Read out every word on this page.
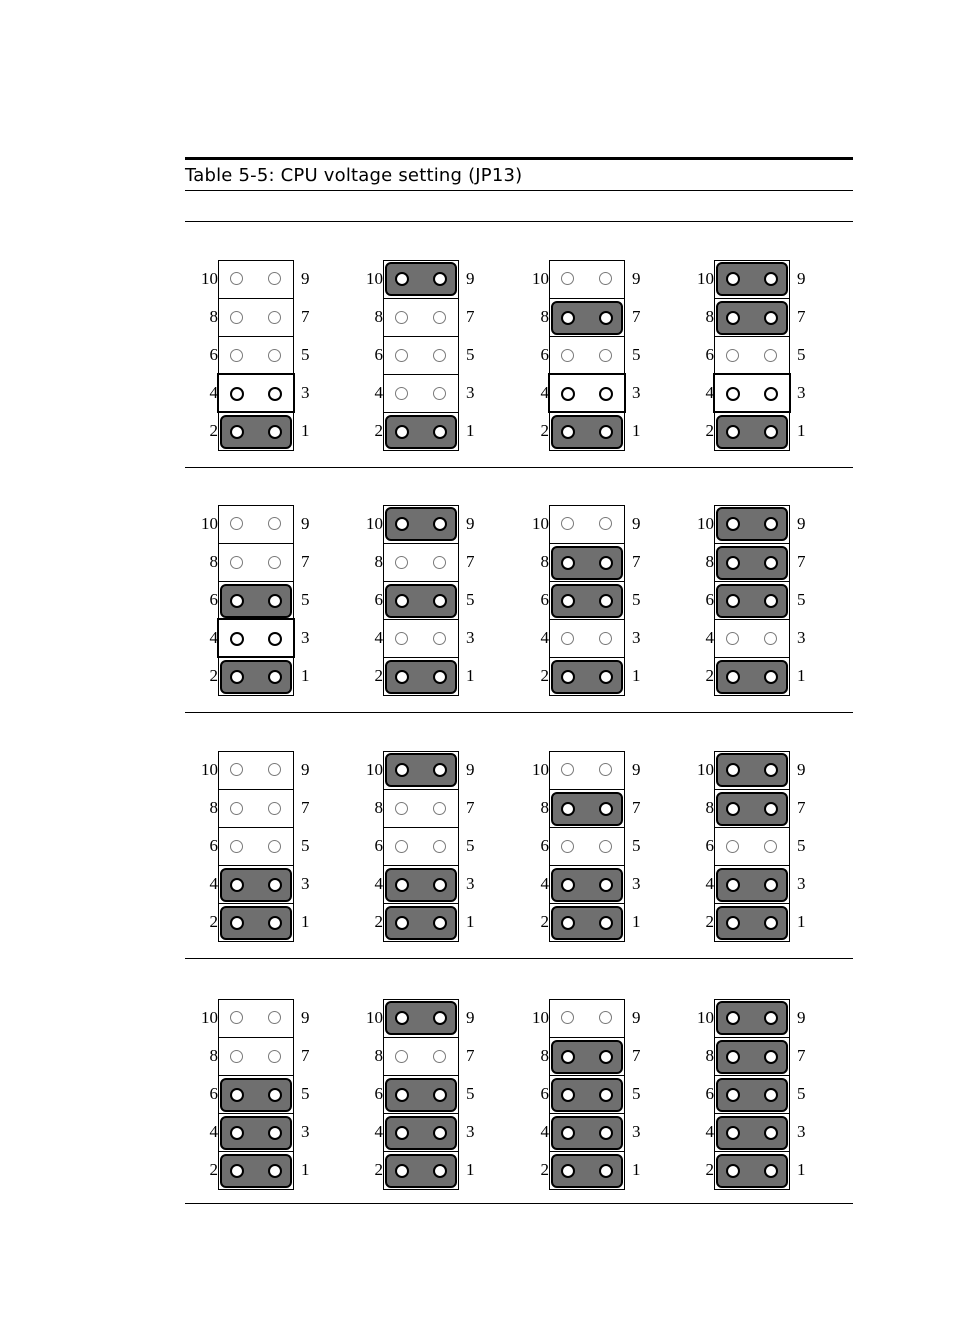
Table 5-5: CPU voltage setting (JP13)
10	9
8	7
6	5
4	3
2	1
10	9
8	7
6	5
4	3
2	1
10	9
8	7
6	5
4	3
2	1
10	9
8	7
6	5
4	3
2	1
10	9
8	7
6	5
4	3
2	1
10	9
8	7
6	5
4	3
2	1
10	9
8	7
6	5
4	3
2	1
10	9
8	7
6	5
4	3
2	1
10	9
8	7
6	5
4	3
2	1
10	9
8	7
6	5
4	3
2	1
10	9
8	7
6	5
4	3
2	1
10	9
8	7
6	5
4	3
2	1
10	9
8	7
6	5
4	3
2	1
10	9
8	7
6	5
4	3
2	1
10	9
8	7
6	5
4	3
2	1
10	9
8	7
6	5
4	3
2	1
